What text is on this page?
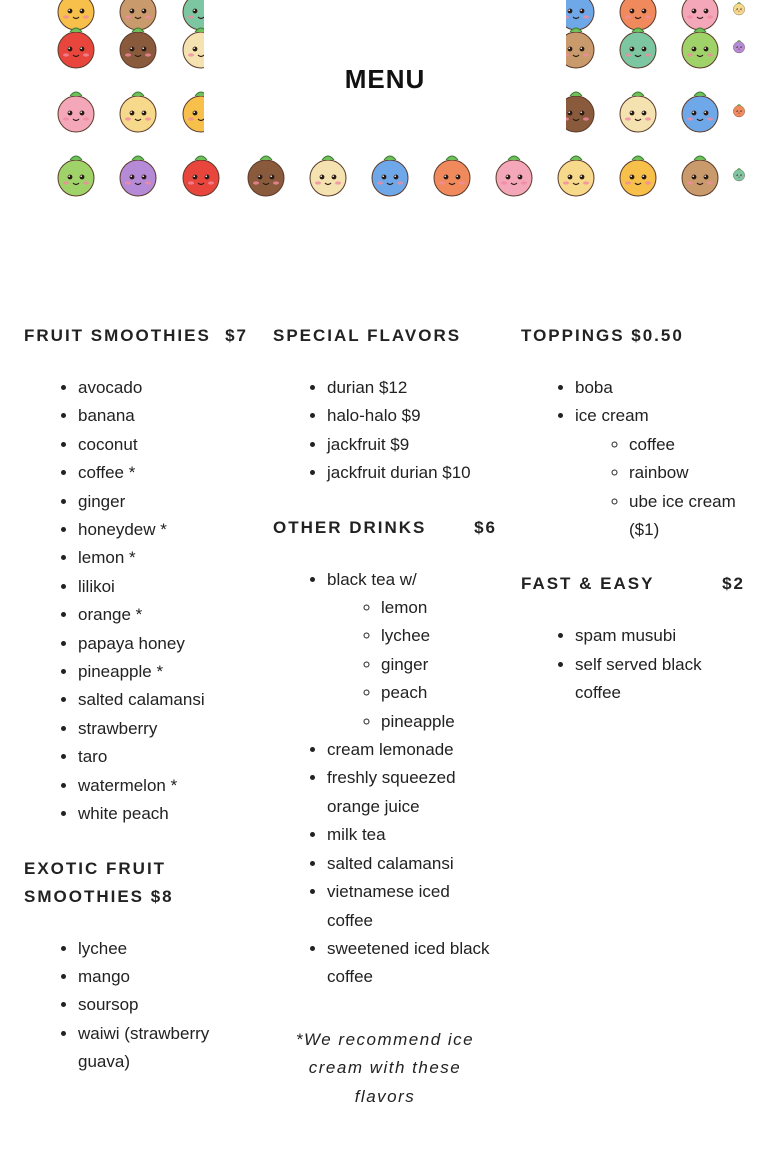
MENU
FRUIT SMOOTHIES $7
• avocado
• banana
• coconut
• coffee *
• ginger
• honeydew *
• lemon *
• lilikoi
• orange *
• papaya honey
• pineapple *
• salted calamansi
• strawberry
• taro
• watermelon *
• white peach
EXOTIC FRUIT SMOOTHIES $8
• lychee
• mango
• soursop
• waiwi (strawberry guava)
SPECIAL FLAVORS
• durian $12
• halo-halo $9
• jackfruit $9
• jackfruit durian $10
OTHER DRINKS	$6
• black tea w/
◦ lemon
◦ lychee
◦ ginger
◦ peach
◦ pineapple
• cream lemonade
• freshly squeezed orange juice
• milk tea
• salted calamansi
• vietnamese iced coffee
• sweetened iced black coffee
*We recommend ice cream with these flavors
TOPPINGS $0.50
• boba
• ice cream
◦ coffee
◦ rainbow
◦ ube ice cream ($1)
FAST & EASY	$2
• spam musubi
• self served black coffee
